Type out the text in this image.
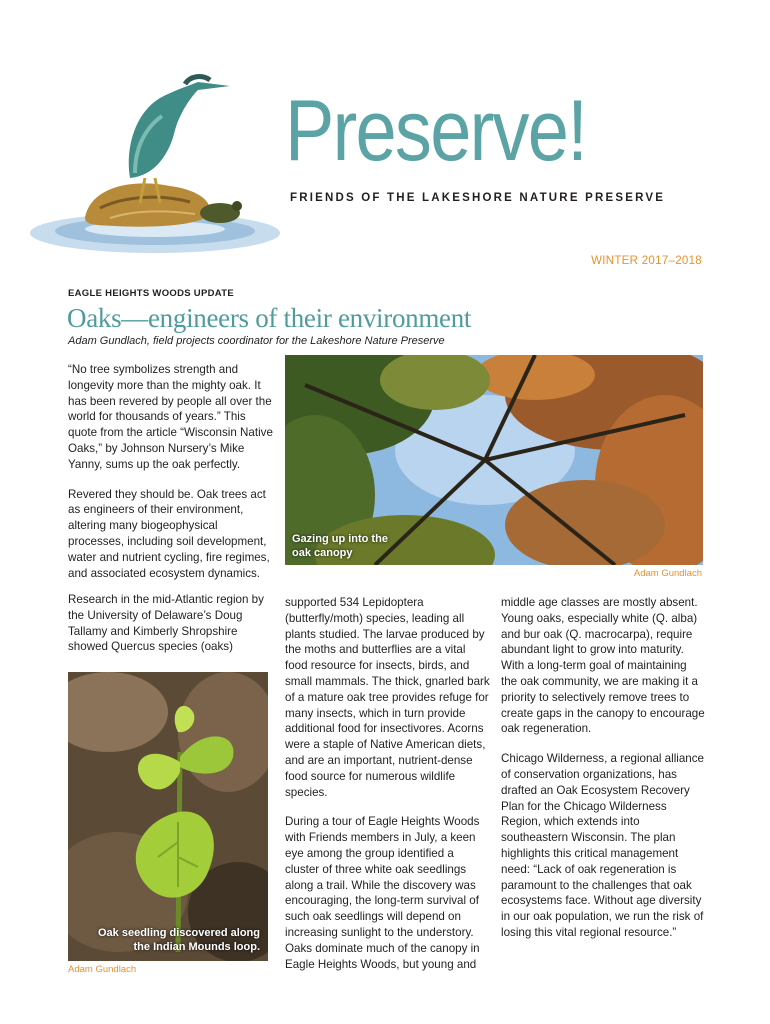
Preserve!
FRIENDS OF THE LAKESHORE NATURE PRESERVE
WINTER 2017–2018
EAGLE HEIGHTS WOODS UPDATE
Oaks—engineers of their environment
Adam Gundlach, field projects coordinator for the Lakeshore Nature Preserve

“No tree symbolizes strength and longevity more than the mighty oak. It has been revered by people all over the world for thousands of years.” This quote from the article “Wisconsin Native Oaks,” by Johnson Nursery’s Mike Yanny, sums up the oak perfectly.

Revered they should be. Oak trees act as engineers of their environment, altering many biogeophysical processes, including soil development, water and nutrient cycling, fire regimes, and associated ecosystem dynamics.

Research in the mid-Atlantic region by the University of Delaware’s Doug Tallamy and Kimberly Shropshire showed Quercus species (oaks)

Gazing up into the oak canopy
Adam Gundlach

supported 534 Lepidoptera (butterfly/moth) species, leading all plants studied. The larvae produced by the moths and butterflies are a vital food resource for insects, birds, and small mammals. The thick, gnarled bark of a mature oak tree provides refuge for many insects, which in turn provide additional food for insectivores. Acorns were a staple of Native American diets, and are an important, nutrient-dense food source for numerous wildlife species.

During a tour of Eagle Heights Woods with Friends members in July, a keen eye among the group identified a cluster of three white oak seedlings along a trail. While the discovery was encouraging, the long-term survival of such oak seedlings will depend on increasing sunlight to the understory. Oaks dominate much of the canopy in Eagle Heights Woods, but young and

middle age classes are mostly absent. Young oaks, especially white (Q. alba) and bur oak (Q. macrocarpa), require abundant light to grow into maturity. With a long-term goal of maintaining the oak community, we are making it a priority to selectively remove trees to create gaps in the canopy to encourage oak regeneration.

Chicago Wilderness, a regional alliance of conservation organizations, has drafted an Oak Ecosystem Recovery Plan for the Chicago Wilderness Region, which extends into southeastern Wisconsin. The plan highlights this critical management need: “Lack of oak regeneration is paramount to the challenges that oak ecosystems face. Without age diversity in our oak population, we run the risk of losing this vital regional resource.”

Oak seedling discovered along the Indian Mounds loop.
Adam Gundlach
